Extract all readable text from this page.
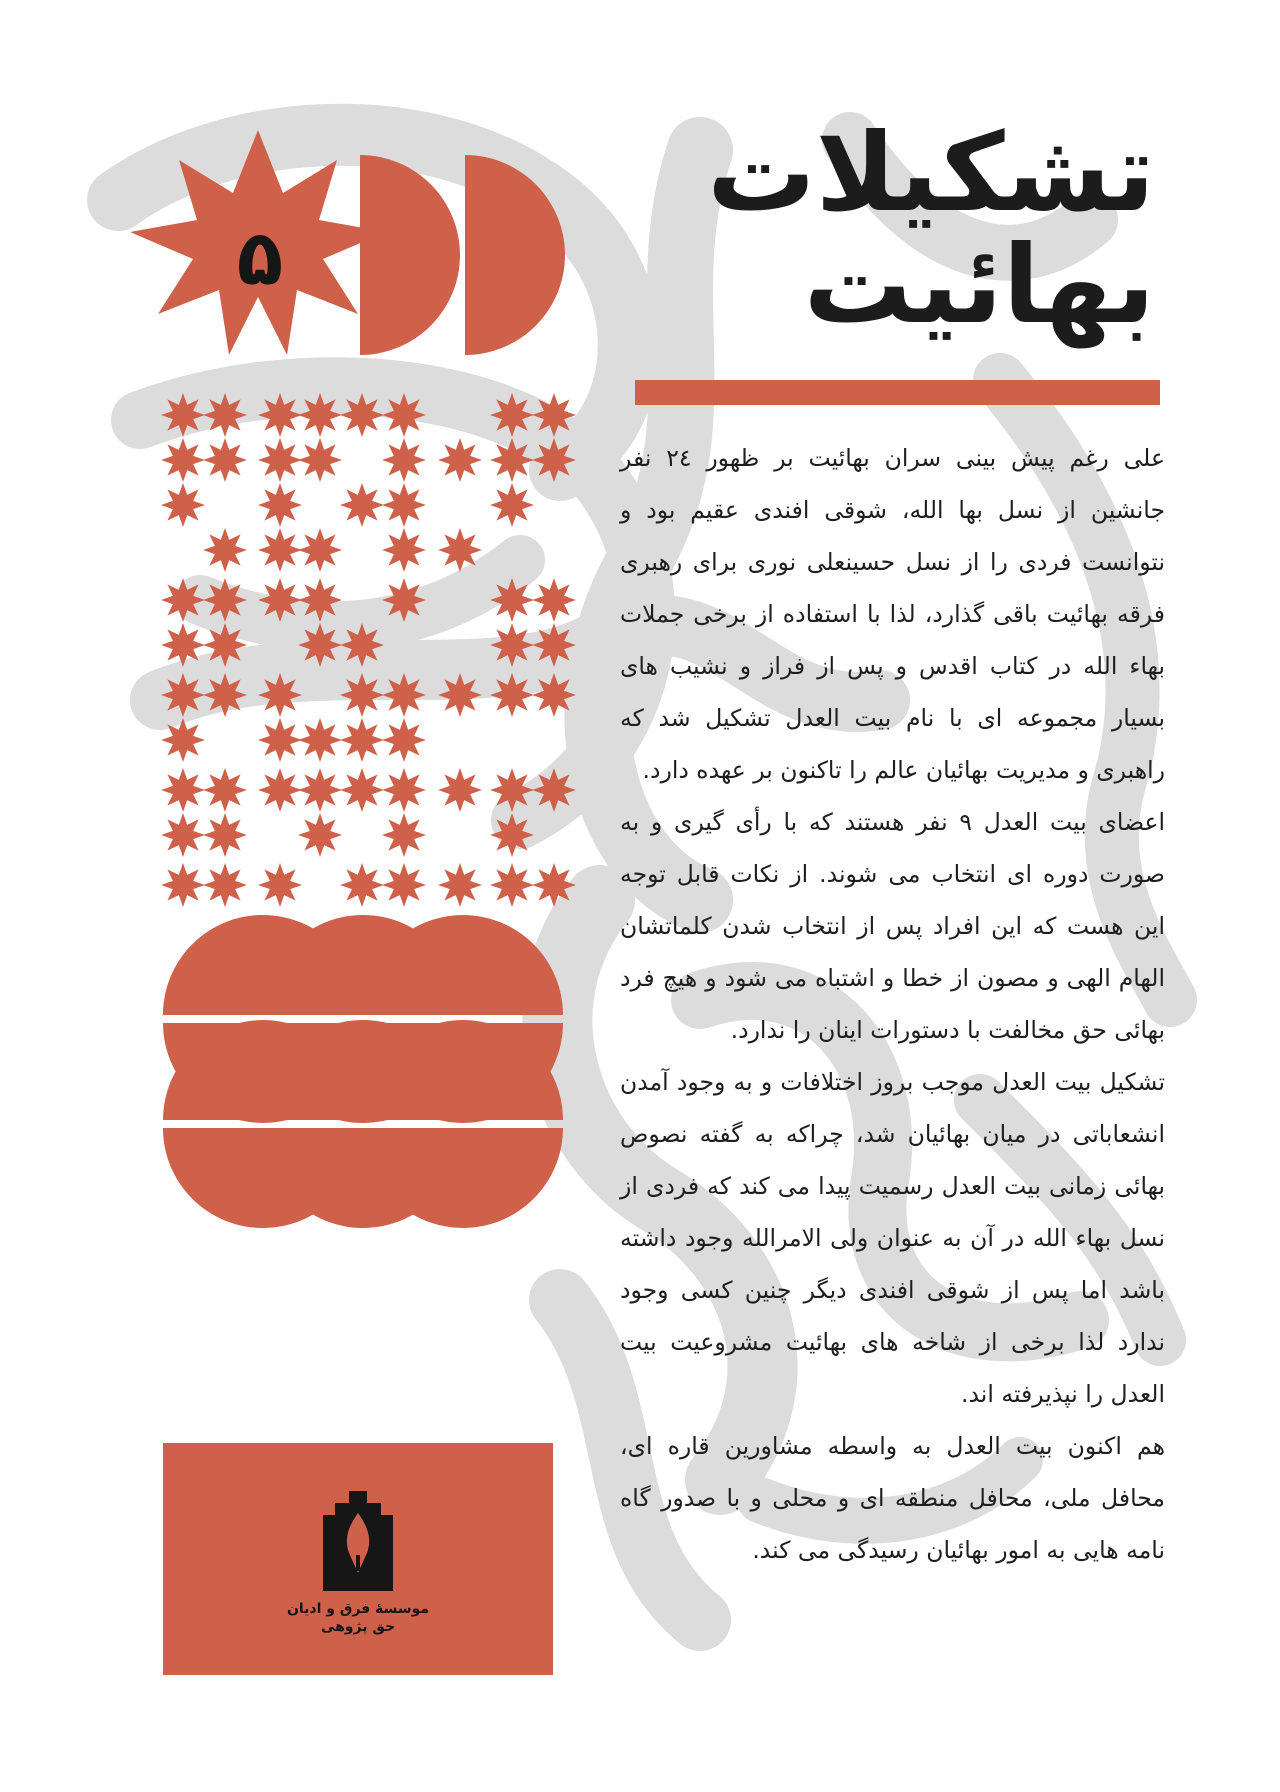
۵
تشکیلات
بهائیت

علی رغم پیش بینی سران بهائیت بر ظهور ۲٤ نفر جانشین از نسل بها الله، شوقی افندی عقیم بود و نتوانست فردی را از نسل حسینعلی نوری برای رهبری فرقه بهائیت باقی گذارد، لذا با استفاده از برخی جملات بهاء الله در کتاب اقدس و پس از فراز و نشیب های بسیار مجموعه ای با نام بیت العدل تشکیل شد که راهبری و مدیریت بهائیان عالم را تاکنون بر عهده دارد.

اعضای بیت العدل ۹ نفر هستند که با رأی گیری و به صورت دوره ای انتخاب می شوند. از نکات قابل توجه این هست که این افراد پس از انتخاب شدن کلماتشان الهام الهی و مصون از خطا و اشتباه می شود و هیچ فرد بهائی حق مخالفت با دستورات اینان را ندارد.

تشکیل بیت العدل موجب بروز اختلافات و به وجود آمدن انشعاباتی در میان بهائیان شد، چراکه به گفته نصوص بهائی زمانی بیت العدل رسمیت پیدا می کند که فردی از نسل بهاء الله در آن به عنوان ولی الامرالله وجود داشته باشد اما پس از شوقی افندی دیگر چنین کسی وجود ندارد لذا برخی از شاخه های بهائیت مشروعیت بیت العدل را نپذیرفته اند.

هم اکنون بیت العدل به واسطه مشاورین قاره ای، محافل ملی، محافل منطقه ای و محلی و با صدور گاه نامه هایی به امور بهائیان رسیدگی می کند.

موسسهٔ فرق و ادیان
حق پژوهی
